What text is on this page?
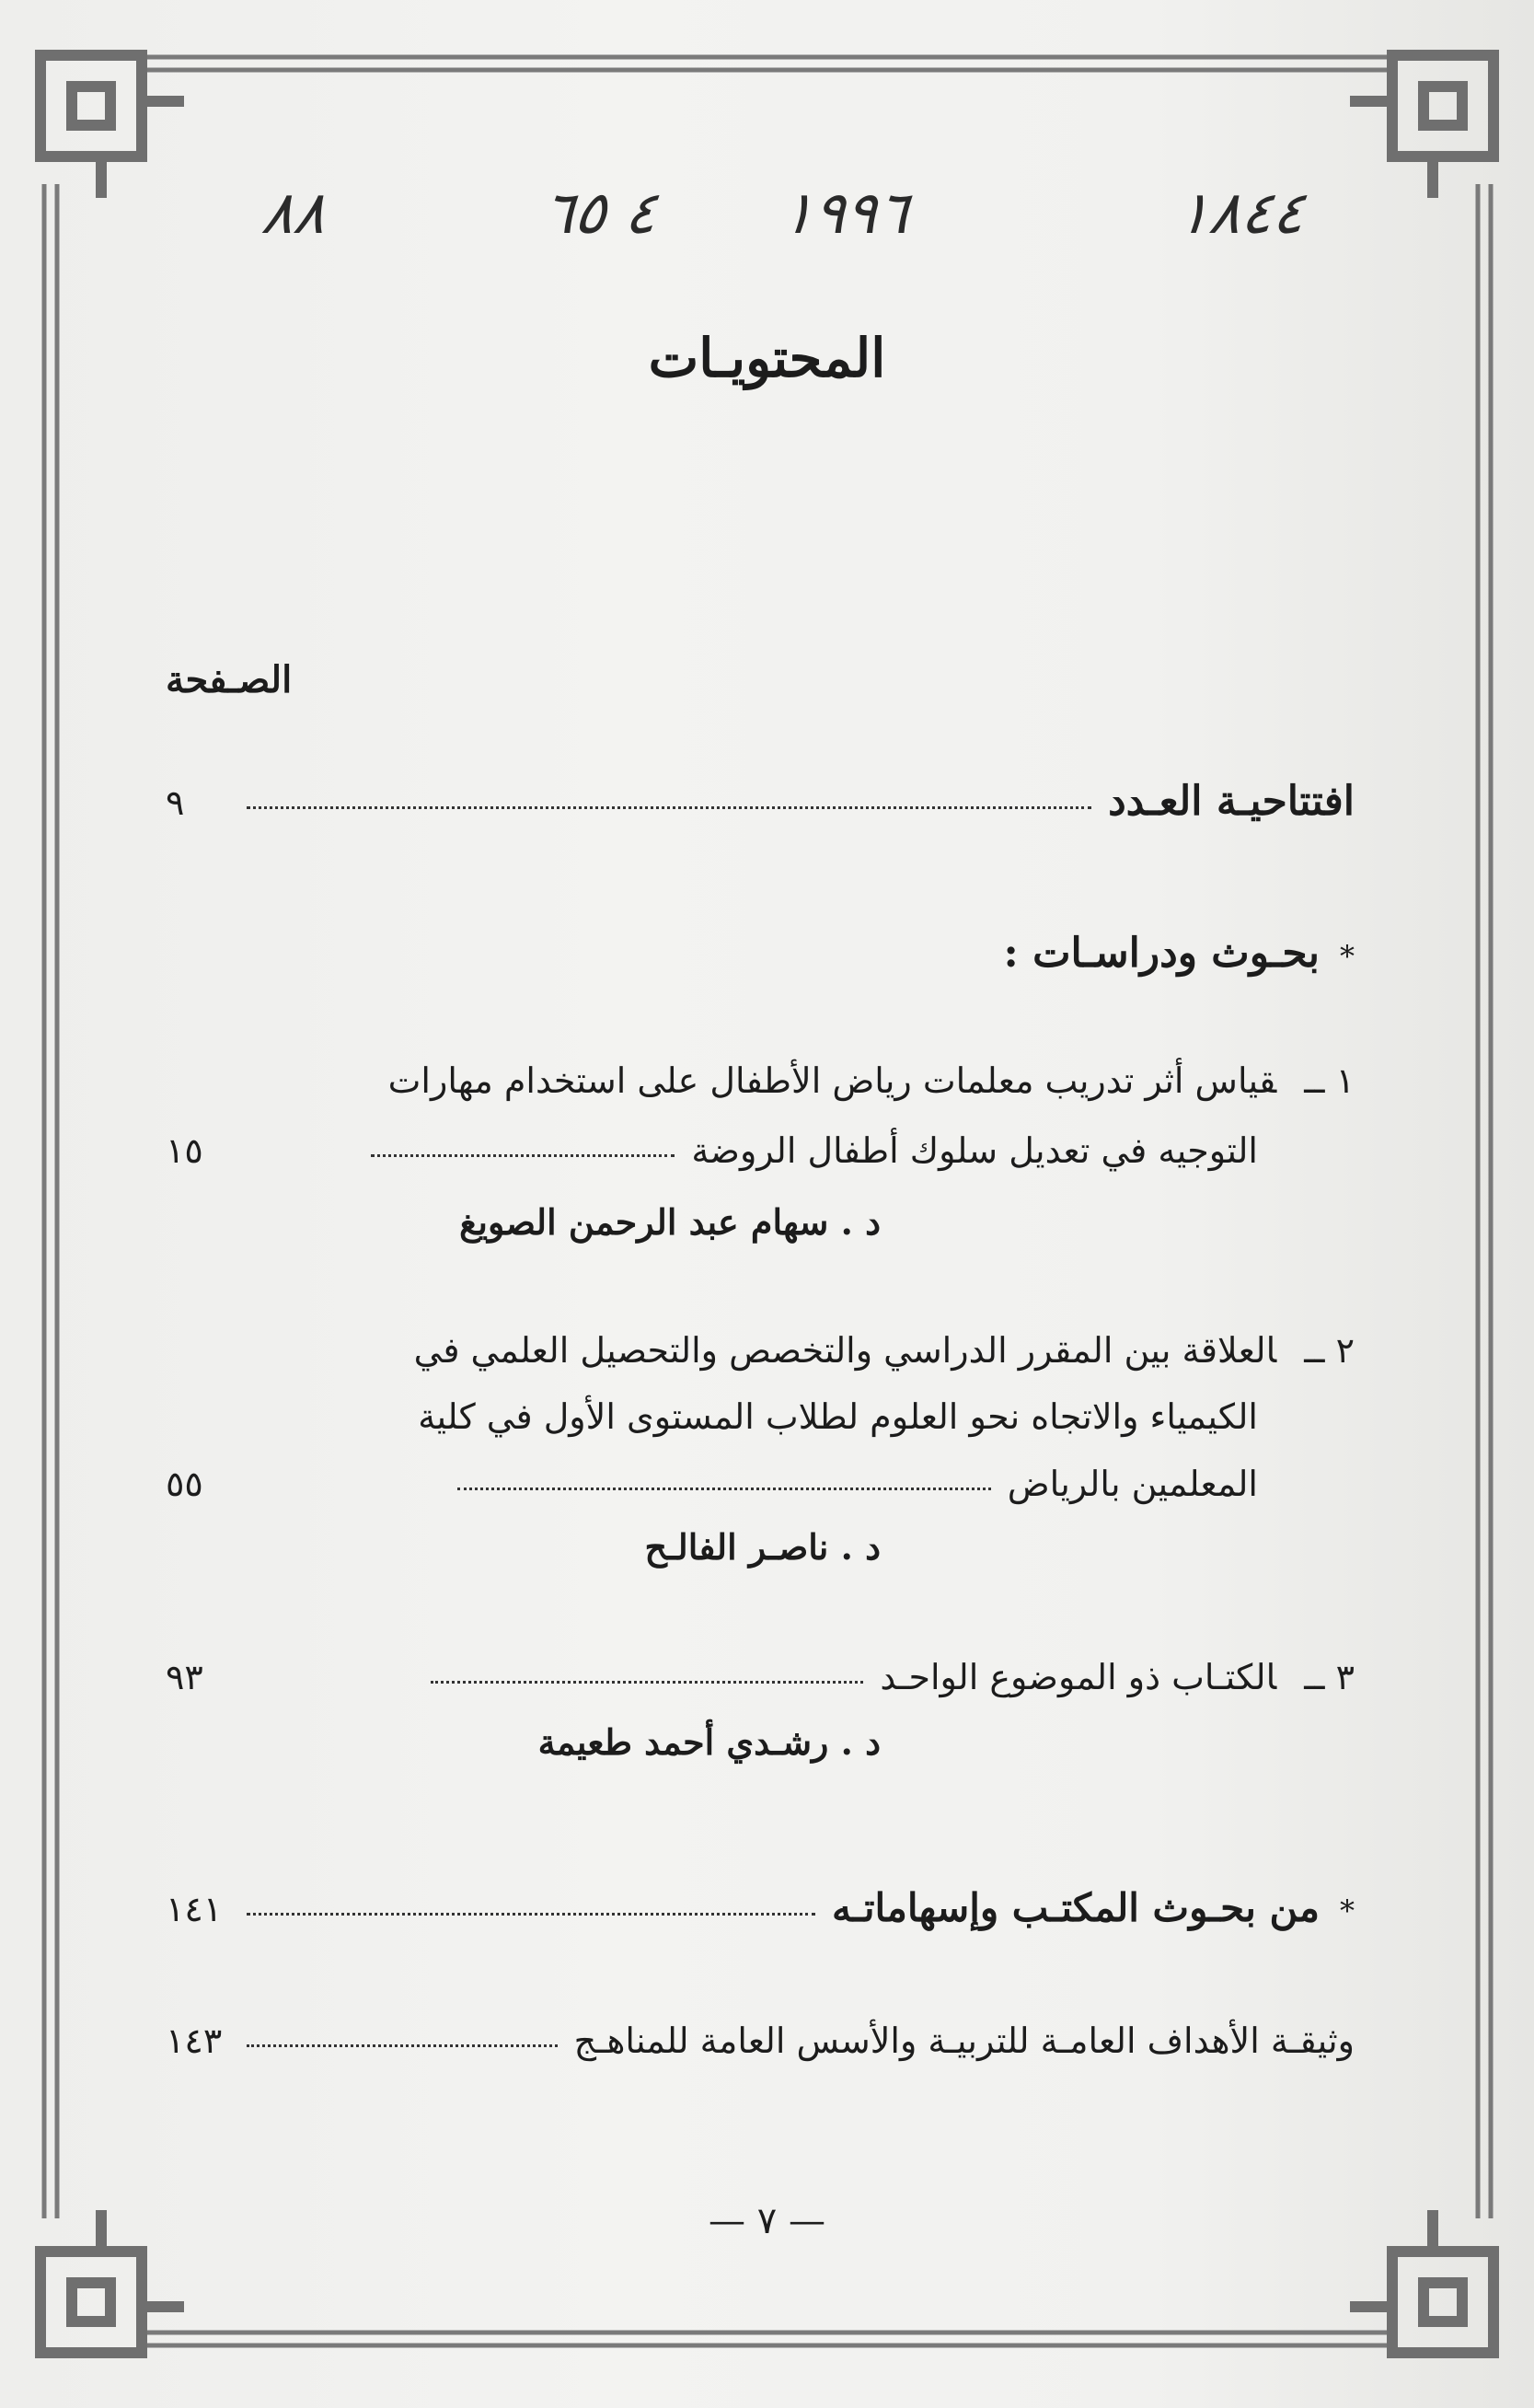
۸۸	٤ ٦٥ ١٩٩٦	١٨٤٤
المحتويـات
الصـفحة
افتتاحيـة العـدد
٩
*بحـوث ودراسـات :
١ ــقياس أثر تدريب معلمات رياض الأطفال على استخدام مهارات
التوجيه في تعديل سلوك أطفال الروضة
١٥
د . سهام عبد الرحمن الصويغ
٢ ــالعلاقة بين المقرر الدراسي والتخصص والتحصيل العلمي في
الكيمياء والاتجاه نحو العلوم لطلاب المستوى الأول في كلية
المعلمين بالرياض
٥٥
د . ناصـر الفالـح
٣ ــالكتـاب ذو الموضوع الواحـد
٩٣
د . رشـدي أحمد طعيمة
*من بحـوث المكتـب وإسهاماتـه
١٤١
وثيقـة الأهداف العامـة للتربيـة والأسس العامة للمناهـج
١٤٣
— ٧ —
